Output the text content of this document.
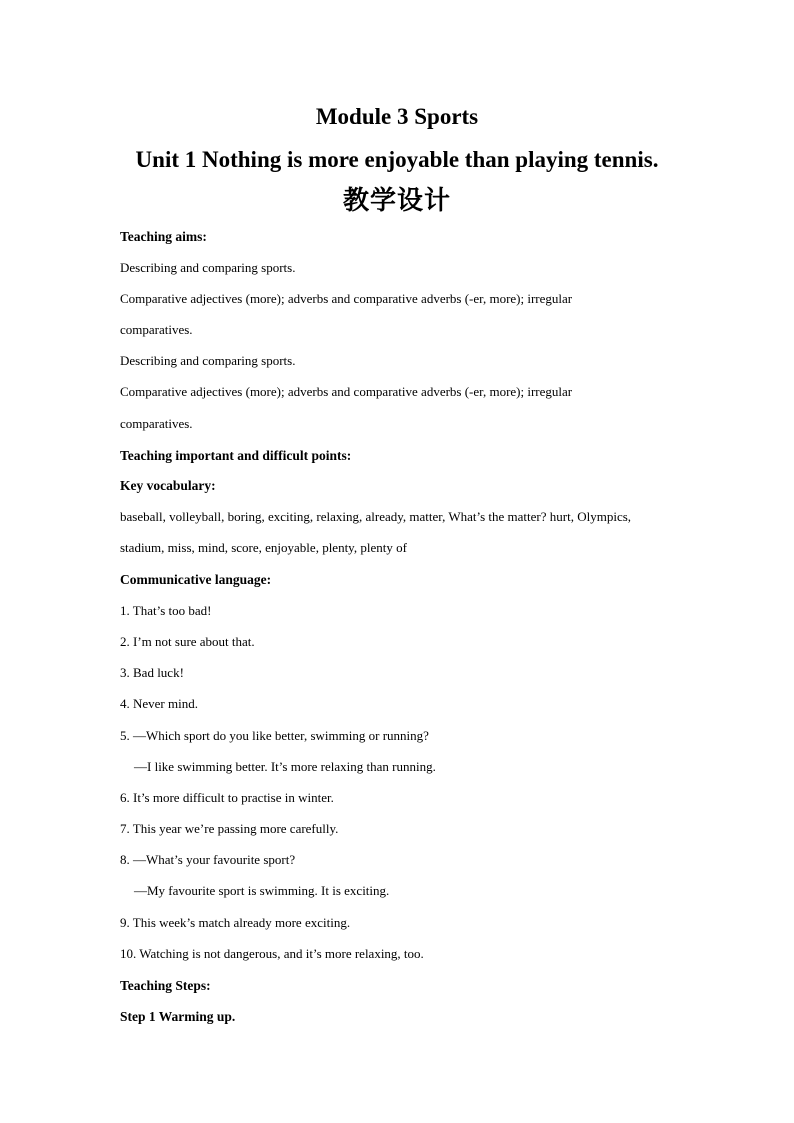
Module 3 Sports
Unit 1 Nothing is more enjoyable than playing tennis.
教学设计
Teaching aims:
Describing and comparing sports.
Comparative adjectives (more); adverbs and comparative adverbs (-er, more); irregular
comparatives.
Describing and comparing sports.
Comparative adjectives (more); adverbs and comparative adverbs (-er, more); irregular
comparatives.
Teaching important and difficult points:
Key vocabulary:
baseball, volleyball, boring, exciting, relaxing, already, matter, What’s the matter? hurt, Olympics,
stadium, miss, mind, score, enjoyable, plenty, plenty of
Communicative language:
1. That’s too bad!
2. I’m not sure about that.
3. Bad luck!
4. Never mind.
5. —Which sport do you like better, swimming or running?
—I like swimming better. It’s more relaxing than running.
6. It’s more difficult to practise in winter.
7. This year we’re passing more carefully.
8. —What’s your favourite sport?
—My favourite sport is swimming. It is exciting.
9. This week’s match already more exciting.
10. Watching is not dangerous, and it’s more relaxing, too.
Teaching Steps:
Step 1 Warming up.
